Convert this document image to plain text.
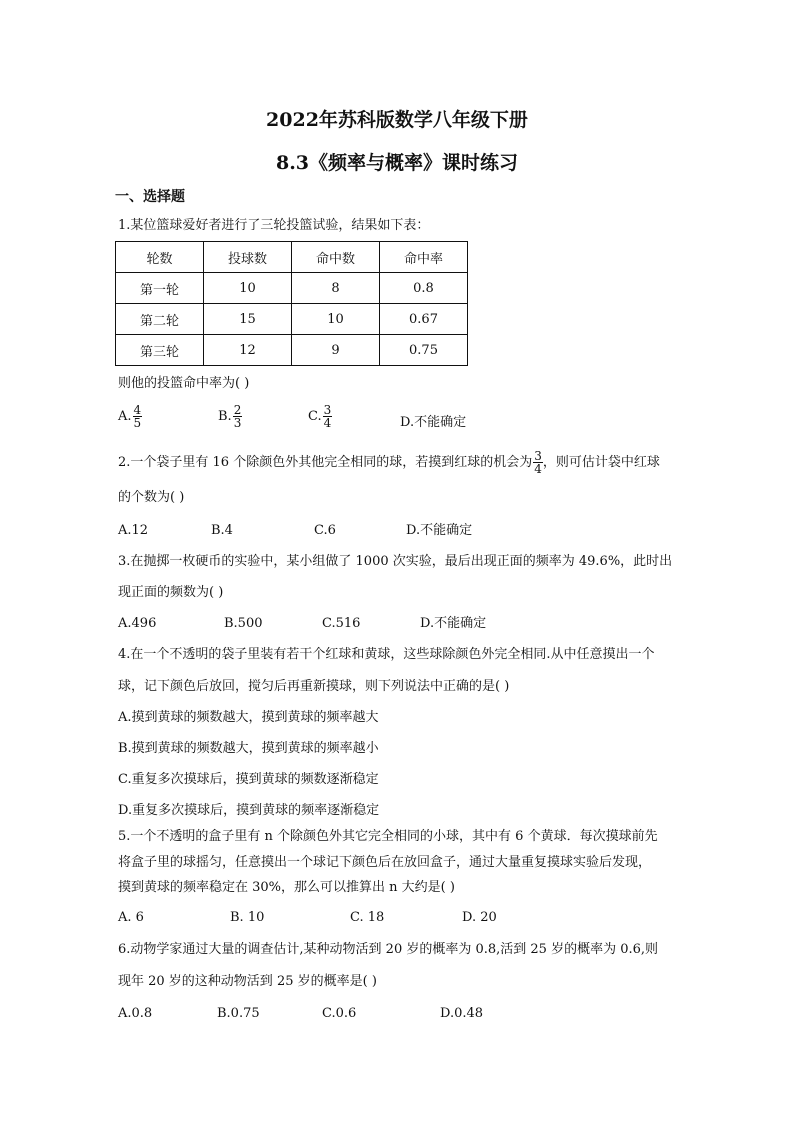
2022年苏科版数学八年级下册
8.3《频率与概率》课时练习
一、选择题
1.某位篮球爱好者进行了三轮投篮试验，结果如下表：
轮数	投球数	命中数	命中率
第一轮	10	8	0.8
第二轮	15	10	0.67
第三轮	12	9	0.75
则他的投篮命中率为( )
A. $\frac{4}{5}$	B. $\frac{2}{3}$	C. $\frac{3}{4}$	D.不能确定
2.一个袋子里有 16 个除颜色外其他完全相同的球，若摸到红球的机会为 $\frac{3}{4}$ ，则可估计袋中红球
的个数为( )
A.12	B.4	C.6	D.不能确定
3.在抛掷一枚硬币的实验中，某小组做了 1000 次实验，最后出现正面的频率为 49.6%，此时出
现正面的频数为( )
A.496	B.500	C.516	D.不能确定
4.在一个不透明的袋子里装有若干个红球和黄球，这些球除颜色外完全相同.从中任意摸出一个
球，记下颜色后放回，搅匀后再重新摸球，则下列说法中正确的是( )
A.摸到黄球的频数越大，摸到黄球的频率越大
B.摸到黄球的频数越大，摸到黄球的频率越小
C.重复多次摸球后，摸到黄球的频数逐渐稳定
D.重复多次摸球后，摸到黄球的频率逐渐稳定
5.一个不透明的盒子里有 n 个除颜色外其它完全相同的小球，其中有 6 个黄球．每次摸球前先
将盒子里的球摇匀，任意摸出一个球记下颜色后在放回盒子，通过大量重复摸球实验后发现，
摸到黄球的频率稳定在 30%，那么可以推算出 n 大约是( )
A. 6	B. 10	C. 18	D. 20
6.动物学家通过大量的调查估计,某种动物活到 20 岁的概率为 0.8,活到 25 岁的概率为 0.6,则
现年 20 岁的这种动物活到 25 岁的概率是( )
A.0.8	B.0.75	C.0.6	D.0.48
